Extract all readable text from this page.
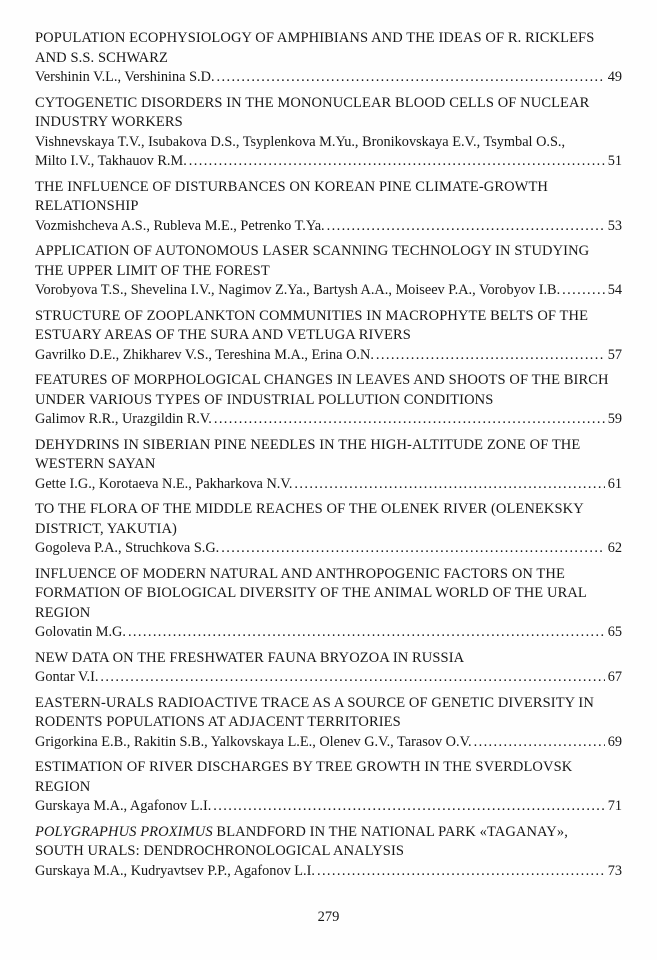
POPULATION ECOPHYSIOLOGY OF AMPHIBIANS AND THE IDEAS OF R. RICKLEFS
AND S.S. SCHWARZ
Vershinin V.L., Vershinina S.D. .....	49
CYTOGENETIC DISORDERS IN THE MONONUCLEAR BLOOD CELLS OF NUCLEAR
INDUSTRY WORKERS
Vishnevskaya T.V., Isubakova D.S., Tsyplenkova M.Yu., Bronikovskaya E.V., Tsymbal O.S.,
Milto I.V., Takhauov R.M. .....	51
THE INFLUENCE OF DISTURBANCES ON KOREAN PINE CLIMATE-GROWTH
RELATIONSHIP
Vozmishcheva A.S., Rubleva M.E., Petrenko T.Ya. .....	53
APPLICATION OF AUTONOMOUS LASER SCANNING TECHNOLOGY IN STUDYING
THE UPPER LIMIT OF THE FOREST
Vorobyova T.S., Shevelina I.V., Nagimov Z.Ya., Bartysh A.A., Moiseev P.A., Vorobyov I.B. .....	54
STRUCTURE OF ZOOPLANKTON COMMUNITIES IN MACROPHYTE BELTS OF THE
ESTUARY AREAS OF THE SURA AND VETLUGA RIVERS
Gavrilko D.E., Zhikharev V.S., Tereshina M.A., Erina O.N. .....	57
FEATURES OF MORPHOLOGICAL CHANGES IN LEAVES AND SHOOTS OF THE BIRCH
UNDER VARIOUS TYPES OF INDUSTRIAL POLLUTION CONDITIONS
Galimov R.R., Urazgildin R.V. .....	59
DEHYDRINS IN SIBERIAN PINE NEEDLES IN THE HIGH-ALTITUDE ZONE OF THE
WESTERN SAYAN
Gette I.G., Korotaeva N.E., Pakharkova N.V. .....	61
TO THE FLORA OF THE MIDDLE REACHES OF THE OLENEK RIVER (OLENEKSKY
DISTRICT, YAKUTIA)
Gogoleva P.A., Struchkova S.G. .....	62
INFLUENCE OF MODERN NATURAL AND ANTHROPOGENIC FACTORS ON THE
FORMATION OF BIOLOGICAL DIVERSITY OF THE ANIMAL WORLD OF THE URAL
REGION
Golovatin M.G. .....	65
NEW DATA ON THE FRESHWATER FAUNA BRYOZOA IN RUSSIA
Gontar V.I. .....	67
EASTERN-URALS RADIOACTIVE TRACE AS A SOURCE OF GENETIC DIVERSITY IN
RODENTS POPULATIONS AT ADJACENT TERRITORIES
Grigorkina E.B., Rakitin S.B., Yalkovskaya L.E., Olenev G.V., Tarasov O.V. .....	69
ESTIMATION OF RIVER DISCHARGES BY TREE GROWTH IN THE SVERDLOVSK
REGION
Gurskaya M.A., Agafonov L.I. .....	71
POLYGRAPHUS PROXIMUS BLANDFORD IN THE NATIONAL PARK «TAGANAY»,
SOUTH URALS: DENDROCHRONOLOGICAL ANALYSIS
Gurskaya M.A., Kudryavtsev P.P., Agafonov L.I. .....	73
279
